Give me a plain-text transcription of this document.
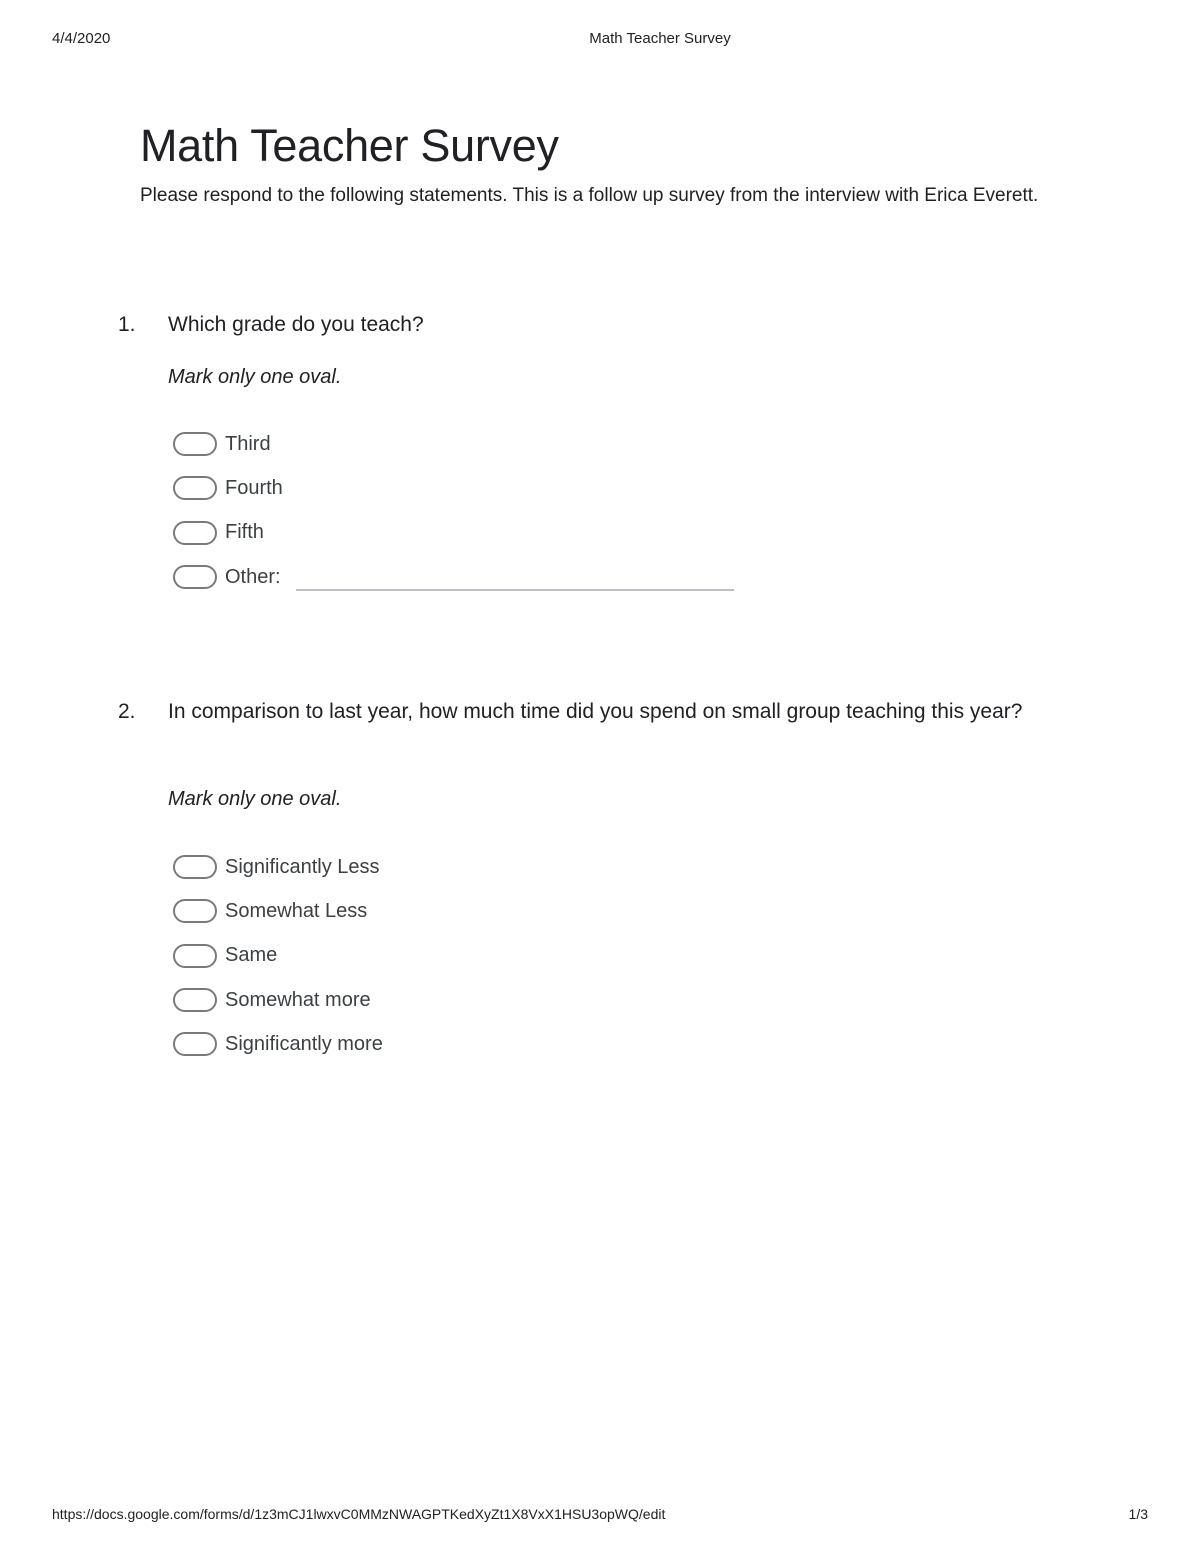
4/4/2020	Math Teacher Survey
Math Teacher Survey
Please respond to the following statements. This is a follow up survey from the interview with Erica Everett.
1. Which grade do you teach?
Mark only one oval.
Third
Fourth
Fifth
Other:
2. In comparison to last year, how much time did you spend on small group teaching this year?
Mark only one oval.
Significantly Less
Somewhat Less
Same
Somewhat more
Significantly more
https://docs.google.com/forms/d/1z3mCJ1lwxvC0MMzNWAGPTKedXyZt1X8VxX1HSU3opWQ/edit	1/3
